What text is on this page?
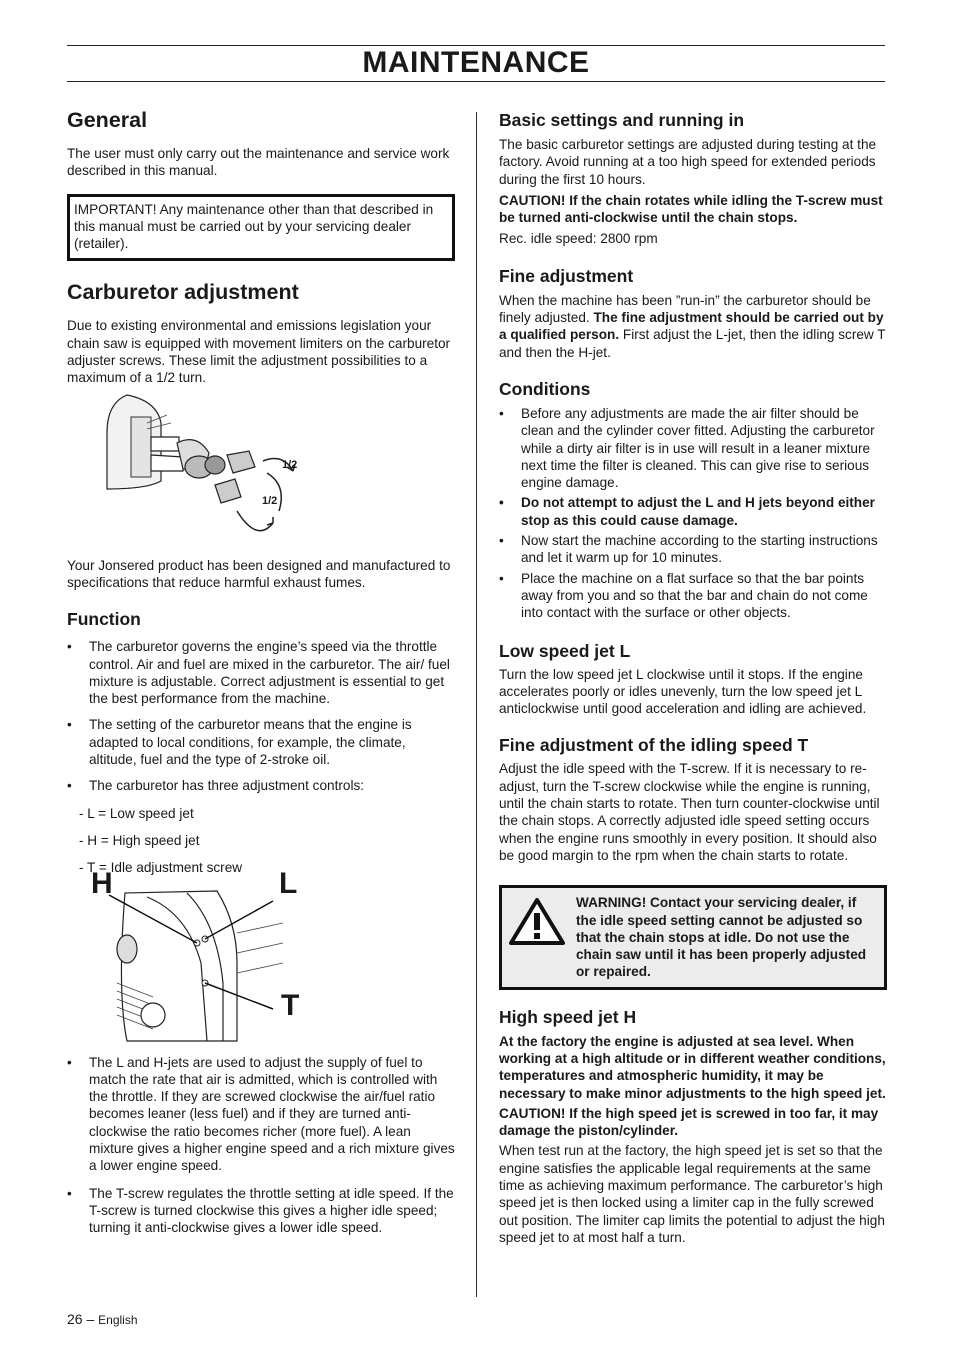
MAINTENANCE
General

The user must only carry out the maintenance and service work described in this manual.

IMPORTANT! Any maintenance other than that described in this manual must be carried out by your servicing dealer (retailer).
Carburetor adjustment

Due to existing environmental and emissions legislation your chain saw is equipped with movement limiters on the carburetor adjuster screws. These limit the adjustment possibilities to a maximum of a 1/2 turn.

1/2
1/2

Your Jonsered product has been designed and manufactured to specifications that reduce harmful exhaust fumes.

Function
• The carburetor governs the engine’s speed via the throttle control. Air and fuel are mixed in the carburetor. The air/ fuel mixture is adjustable. Correct adjustment is essential to get the best performance from the machine.
• The setting of the carburetor means that the engine is adapted to local conditions, for example, the climate, altitude, fuel and the type of 2-stroke oil.
• The carburetor has three adjustment controls:
- L = Low speed jet
- H = High speed jet
- T = Idle adjustment screw
H	L
T
• The L and H-jets are used to adjust the supply of fuel to match the rate that air is admitted, which is controlled with the throttle. If they are screwed clockwise the air/fuel ratio becomes leaner (less fuel) and if they are turned anti-clockwise the ratio becomes richer (more fuel). A lean mixture gives a higher engine speed and a rich mixture gives a lower engine speed.
• The T-screw regulates the throttle setting at idle speed. If the T-screw is turned clockwise this gives a higher idle speed; turning it anti-clockwise gives a lower idle speed.
Basic settings and running in

The basic carburetor settings are adjusted during testing at the factory. Avoid running at a too high speed for extended periods during the first 10 hours.

CAUTION! If the chain rotates while idling the T-screw must be turned anti-clockwise until the chain stops.

Rec. idle speed: 2800 rpm

Fine adjustment

When the machine has been ”run-in” the carburetor should be finely adjusted. The fine adjustment should be carried out by a qualified person. First adjust the L-jet, then the idling screw T and then the H-jet.

Conditions
• Before any adjustments are made the air filter should be clean and the cylinder cover fitted. Adjusting the carburetor while a dirty air filter is in use will result in a leaner mixture next time the filter is cleaned. This can give rise to serious engine damage.
• Do not attempt to adjust the L and H jets beyond either stop as this could cause damage.
• Now start the machine according to the starting instructions and let it warm up for 10 minutes.
• Place the machine on a flat surface so that the bar points away from you and so that the bar and chain do not come into contact with the surface or other objects.
Low speed jet L

Turn the low speed jet L clockwise until it stops. If the engine accelerates poorly or idles unevenly, turn the low speed jet L anticlockwise until good acceleration and idling are achieved.

Fine adjustment of the idling speed T

Adjust the idle speed with the T-screw. If it is necessary to re-adjust, turn the T-screw clockwise while the engine is running, until the chain starts to rotate. Then turn counter-clockwise until the chain stops. A correctly adjusted idle speed setting occurs when the engine runs smoothly in every position. It should also be good margin to the rpm when the chain starts to rotate.

WARNING! Contact your servicing dealer, if the idle speed setting cannot be adjusted so that the chain stops at idle. Do not use the chain saw until it has been properly adjusted or repaired.
High speed jet H

At the factory the engine is adjusted at sea level. When working at a high altitude or in different weather conditions, temperatures and atmospheric humidity, it may be necessary to make minor adjustments to the high speed jet.

CAUTION! If the high speed jet is screwed in too far, it may damage the piston/cylinder.

When test run at the factory, the high speed jet is set so that the engine satisfies the applicable legal requirements at the same time as achieving maximum performance. The carburetor’s high speed jet is then locked using a limiter cap in the fully screwed out position. The limiter cap limits the potential to adjust the high speed jet to at most half a turn.

26 – English
